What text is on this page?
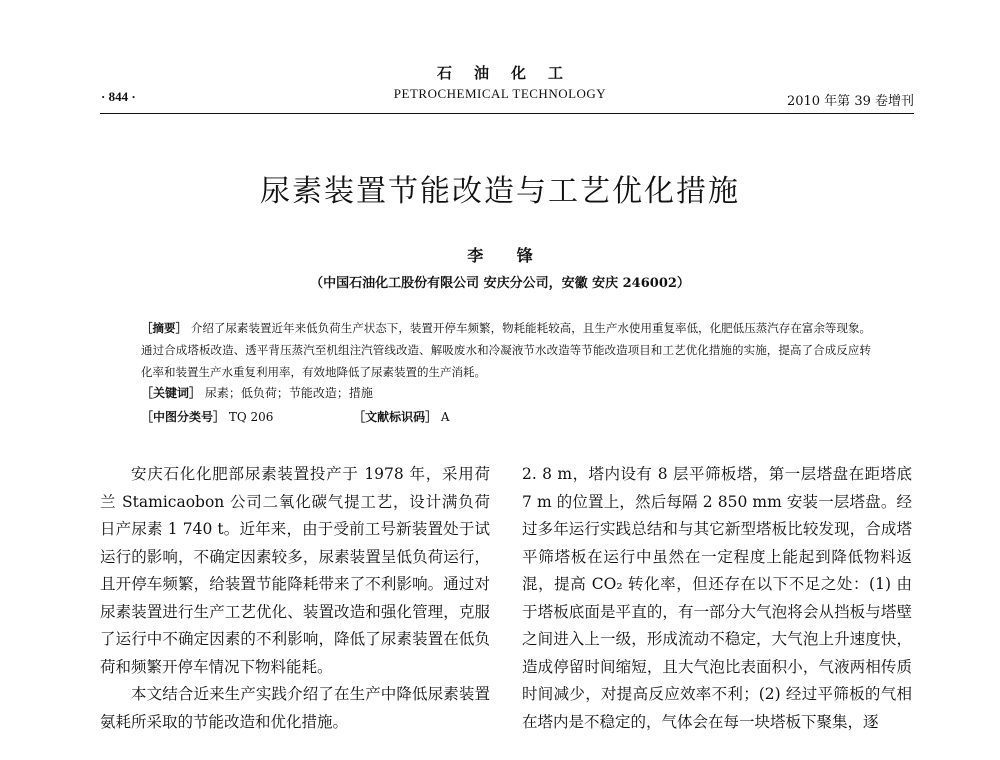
石油化工
PETROCHEMICAL TECHNOLOGY
· 844 ·	2010 年第 39 卷增刊
尿素装置节能改造与工艺优化措施
李 锋
（中国石油化工股份有限公司 安庆分公司，安徽 安庆 246002）
［摘要］ 介绍了尿素装置近年来低负荷生产状态下，装置开停车频繁，物耗能耗较高，且生产水使用重复率低，化肥低压蒸汽存在富余等现象。通过合成塔板改造、透平背压蒸汽至机组注汽管线改造、解吸废水和冷凝液节水改造等节能改造项目和工艺优化措施的实施，提高了合成反应转化率和装置生产水重复利用率，有效地降低了尿素装置的生产消耗。
［关键词］ 尿素；低负荷；节能改造；措施
［中图分类号］ TQ 206	［文献标识码］ A

安庆石化化肥部尿素装置投产于 1978 年，采用荷兰 Stamicaobon 公司二氧化碳气提工艺，设计满负荷日产尿素 1 740 t。近年来，由于受前工号新装置处于试运行的影响，不确定因素较多，尿素装置呈低负荷运行，且开停车频繁，给装置节能降耗带来了不利影响。通过对尿素装置进行生产工艺优化、装置改造和强化管理，克服了运行中不确定因素的不利影响，降低了尿素装置在低负荷和频繁开停车情况下物料能耗。

本文结合近来生产实践介绍了在生产中降低尿素装置氨耗所采取的节能改造和优化措施。

2. 8 m，塔内设有 8 层平筛板塔，第一层塔盘在距塔底 7 m 的位置上，然后每隔 2 850 mm 安装一层塔盘。经过多年运行实践总结和与其它新型塔板比较发现，合成塔平筛塔板在运行中虽然在一定程度上能起到降低物料返混，提高 CO₂ 转化率，但还存在以下不足之处：(1) 由于塔板底面是平直的，有一部分大气泡将会从挡板与塔壁之间进入上一级，形成流动不稳定，大气泡上升速度快，造成停留时间缩短，且大气泡比表面积小，气液两相传质时间减少，对提高反应效率不利；(2) 经过平筛板的气相在塔内是不稳定的，气体会在每一块塔板下聚集，逐
